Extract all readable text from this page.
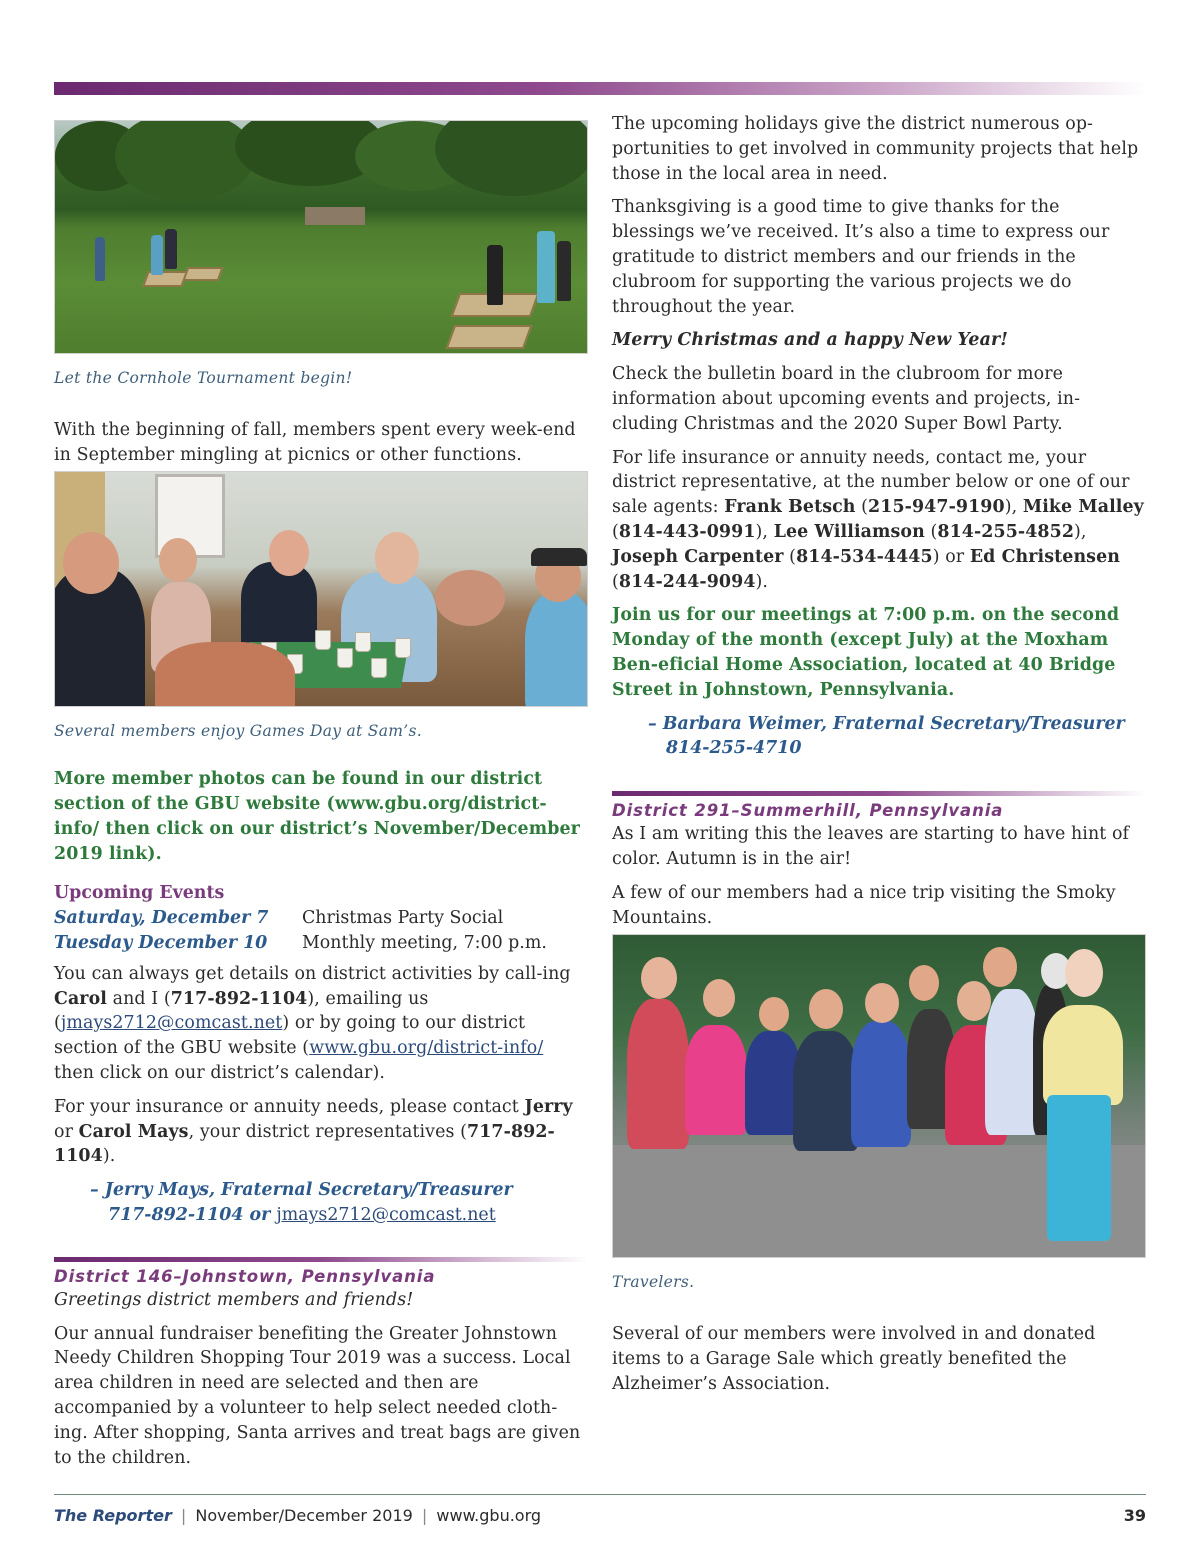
Let the Cornhole Tournament begin!

With the beginning of fall, members spent every week-end in September mingling at picnics or other functions.

Several members enjoy Games Day at Sam’s.

More member photos can be found in our district section of the GBU website (www.gbu.org/district-info/ then click on our district’s November/December 2019 link).

Upcoming Events
Saturday, December 7	Christmas Party Social
Tuesday December 10	Monthly meeting, 7:00 p.m.

You can always get details on district activities by call-ing Carol and I (717-892-1104), emailing us (jmays2712@comcast.net) or by going to our district section of the GBU website (www.gbu.org/district-info/ then click on our district’s calendar).

For your insurance or annuity needs, please contact Jerry or Carol Mays, your district representatives (717-892-1104).

– Jerry Mays, Fraternal Secretary/Treasurer
717-892-1104 or jmays2712@comcast.net
District 146–Johnstown, Pennsylvania

Greetings district members and friends!

Our annual fundraiser benefiting the Greater Johnstown Needy Children Shopping Tour 2019 was a success. Local area children in need are selected and then are accompanied by a volunteer to help select needed cloth-ing. After shopping, Santa arrives and treat bags are given to the children.

The upcoming holidays give the district numerous op-portunities to get involved in community projects that help those in the local area in need.

Thanksgiving is a good time to give thanks for the blessings we’ve received. It’s also a time to express our gratitude to district members and our friends in the clubroom for supporting the various projects we do throughout the year.

Merry Christmas and a happy New Year!

Check the bulletin board in the clubroom for more information about upcoming events and projects, in-cluding Christmas and the 2020 Super Bowl Party.

For life insurance or annuity needs, contact me, your district representative, at the number below or one of our sale agents: Frank Betsch (215-947-9190), Mike Malley (814-443-0991), Lee Williamson (814-255-4852), Joseph Carpenter (814-534-4445) or Ed Christensen (814-244-9094).

Join us for our meetings at 7:00 p.m. on the second Monday of the month (except July) at the Moxham Ben-eficial Home Association, located at 40 Bridge Street in Johnstown, Pennsylvania.

– Barbara Weimer, Fraternal Secretary/Treasurer
814-255-4710
District 291–Summerhill, Pennsylvania

As I am writing this the leaves are starting to have hint of color. Autumn is in the air!

A few of our members had a nice trip visiting the Smoky Mountains.

Travelers.

Several of our members were involved in and donated items to a Garage Sale which greatly benefited the Alzheimer’s Association.

The Reporter | November/December 2019 | www.gbu.org	39
